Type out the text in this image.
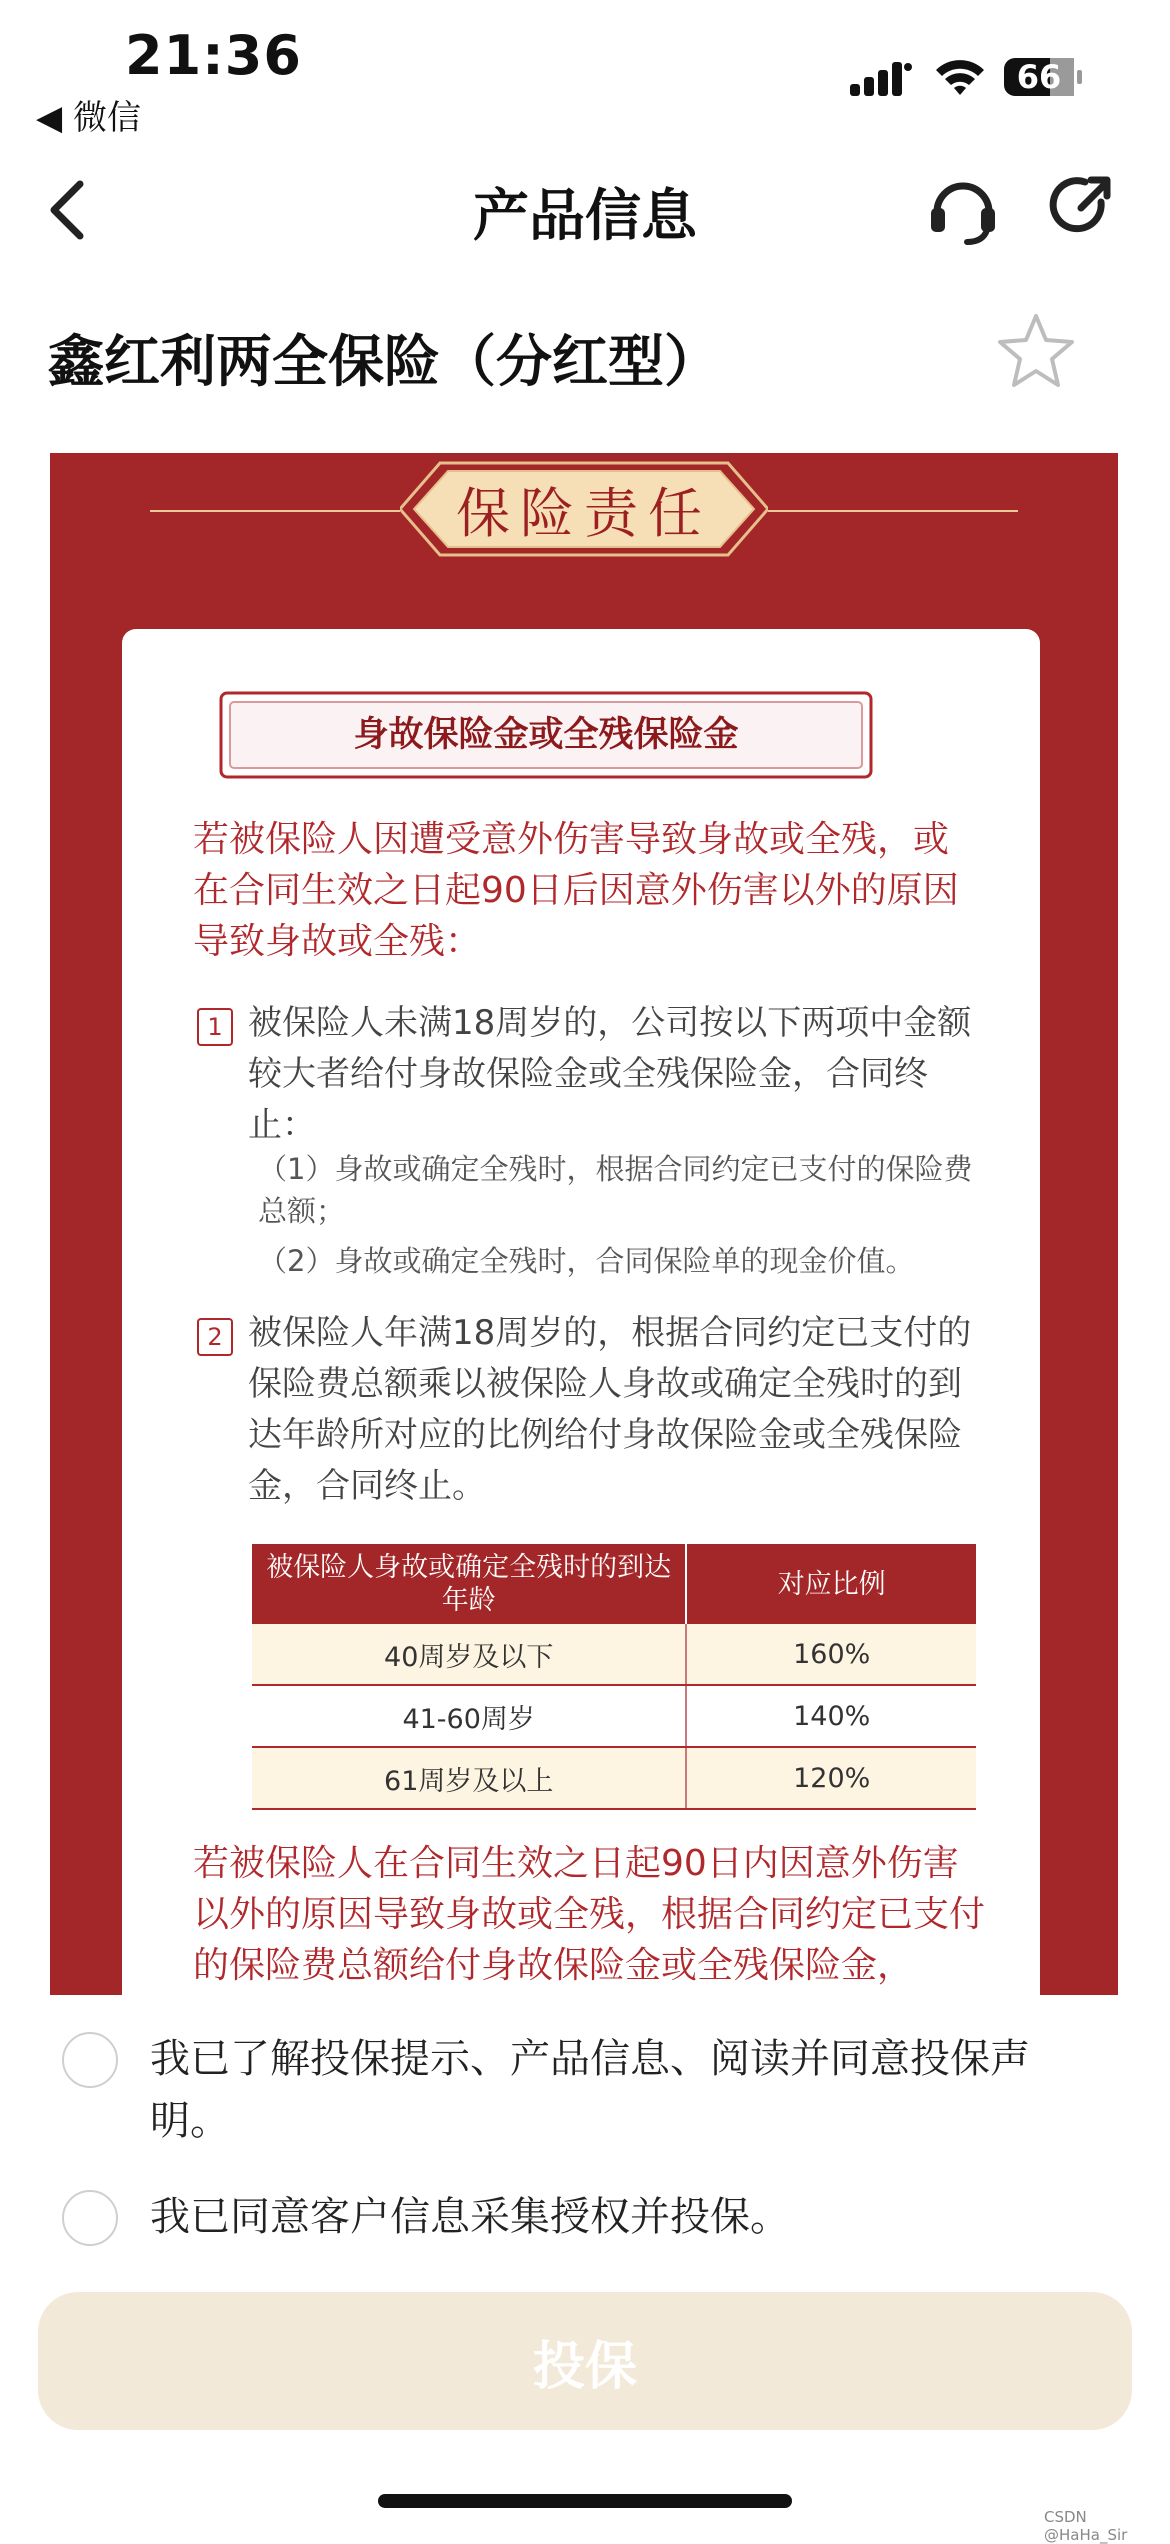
21:36
◀ 微信
66
产品信息
鑫红利两全保险（分红型）
保险责任
身故保险金或全残保险金
若被保险人因遭受意外伤害导致身故或全残，或在合同生效之日起90日后因意外伤害以外的原因导致身故或全残：
1 被保险人未满18周岁的，公司按以下两项中金额较大者给付身故保险金或全残保险金，合同终止：
（1）身故或确定全残时，根据合同约定已支付的保险费总额；
（2）身故或确定全残时，合同保险单的现金价值。
2 被保险人年满18周岁的，根据合同约定已支付的保险费总额乘以被保险人身故或确定全残时的到达年龄所对应的比例给付身故保险金或全残保险金，合同终止。
被保险人身故或确定全残时的到达年龄	对应比例
40周岁及以下	160%
41-60周岁	140%
61周岁及以上	120%
若被保险人在合同生效之日起90日内因意外伤害以外的原因导致身故或全残，根据合同约定已支付的保险费总额给付身故保险金或全残保险金，
我已了解投保提示、产品信息、阅读并同意投保声明。
我已同意客户信息采集授权并投保。
投保
CSDN @HaHa_Sir
